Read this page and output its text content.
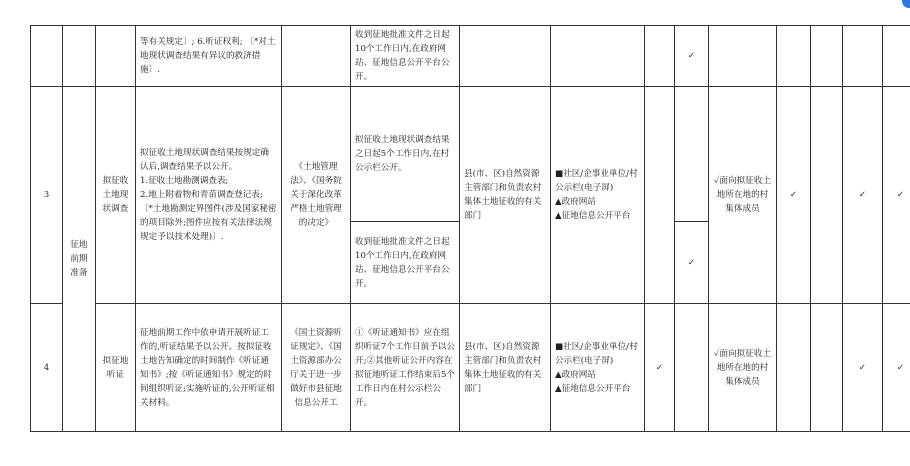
			等有关规定〕; 6.听证权利; 〔*对土地现状调查结果有异议的救济措施〕.		收到征地批准文件之日起10个工作日内,在政府网站、征地信息公开平台公开。				✓					
3	征地前期准备	拟征收土地现状调查	拟征收土地现状调查结果按规定确认后,调查结果予以公开。
1.征收土地勘测调查表;
2.地上附着物和青苗调查登记表;
〔*土地勘测定界图件(涉及国家秘密的项目除外;图件应按有关法律法规规定予以技术处理)〕.	《土地管理法》、《国务院关于深化改革严格土地管理的决定》	拟征收土地现状调查结果之日起5个工作日内,在村公示栏公开。	县(市、区)自然资源主管部门和负责农村集体土地征收的有关部门	■社区/企事业单位/村公示栏(电子屏)
▲政府网站
▲征地信息公开平台			✓面向拟征收土地所在地的村集体成员	✓		✓	✓
					收到征地批准文件之日起10个工作日内,在政府网站、征地信息公开平台公开。				✓					
4		拟征地听证	征地前期工作中依申请开展听证工作的,听证结果予以公开。按拟征收土地告知确定的时间制作《听证通知书》;按《听证通知书》规定的时间组织听证;实施听证的,公开听证相关材料。	《国土资源听证规定》、《国土资源部办公厅关于进一步做好市县征地信息公开工	①《听证通知书》应在组织听证7个工作日前予以公开;②其他听证公开内容在拟征地听证工作结束后5个工作日内在村公示栏公开。	县(市、区)自然资源主管部门和负责农村集体土地征收的有关部门	■社区/企事业单位/村公示栏(电子屏)
▲政府网站
▲征地信息公开平台	✓		✓面向拟征收土地所在地的村集体成员			✓	✓
